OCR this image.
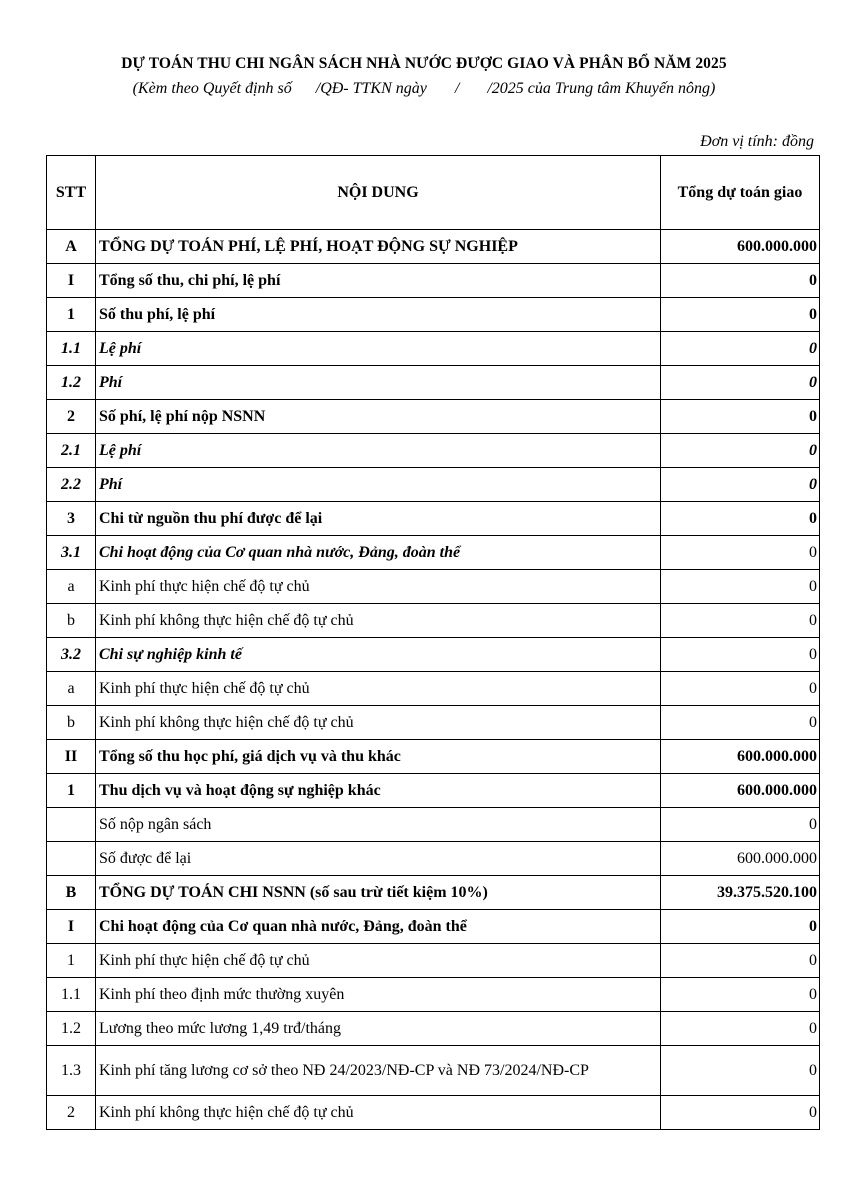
DỰ TOÁN THU CHI NGÂN SÁCH NHÀ NƯỚC ĐƯỢC GIAO VÀ PHÂN BỔ NĂM 2025
(Kèm theo Quyết định số      /QĐ- TTKN ngày       /       /2025 của Trung tâm Khuyến nông)
Đơn vị tính: đồng
STT	NỘI DUNG	Tổng dự toán giao
A	TỔNG DỰ TOÁN PHÍ, LỆ PHÍ, HOẠT ĐỘNG SỰ NGHIỆP	600.000.000
I	Tổng số thu, chi phí, lệ phí	0
1	Số thu phí, lệ phí	0
1.1	Lệ phí	0
1.2	Phí	0
2	Số phí, lệ phí nộp NSNN	0
2.1	Lệ phí	0
2.2	Phí	0
3	Chi từ nguồn thu phí được để lại	0
3.1	Chi hoạt động của Cơ quan nhà nước, Đảng, đoàn thể	0
a	Kinh phí thực hiện chế độ tự chủ	0
b	Kinh phí không thực hiện chế độ tự chủ	0
3.2	Chi sự nghiệp kinh tế	0
a	Kinh phí thực hiện chế độ tự chủ	0
b	Kinh phí không thực hiện chế độ tự chủ	0
II	Tổng số thu học phí, giá dịch vụ và thu khác	600.000.000
1	Thu dịch vụ và hoạt động sự nghiệp khác	600.000.000
	Số nộp ngân sách	0
	Số được để lại	600.000.000
B	TỔNG DỰ TOÁN CHI NSNN (số sau trừ tiết kiệm 10%)	39.375.520.100
I	Chi hoạt động của Cơ quan nhà nước, Đảng, đoàn thể	0
1	Kinh phí thực hiện chế độ tự chủ	0
1.1	Kinh phí theo định mức thường xuyên	0
1.2	Lương theo mức lương 1,49 trđ/tháng	0
1.3	Kinh phí tăng lương cơ sở theo NĐ 24/2023/NĐ-CP và NĐ 73/2024/NĐ-CP	0
2	Kinh phí không thực hiện chế độ tự chủ	0
